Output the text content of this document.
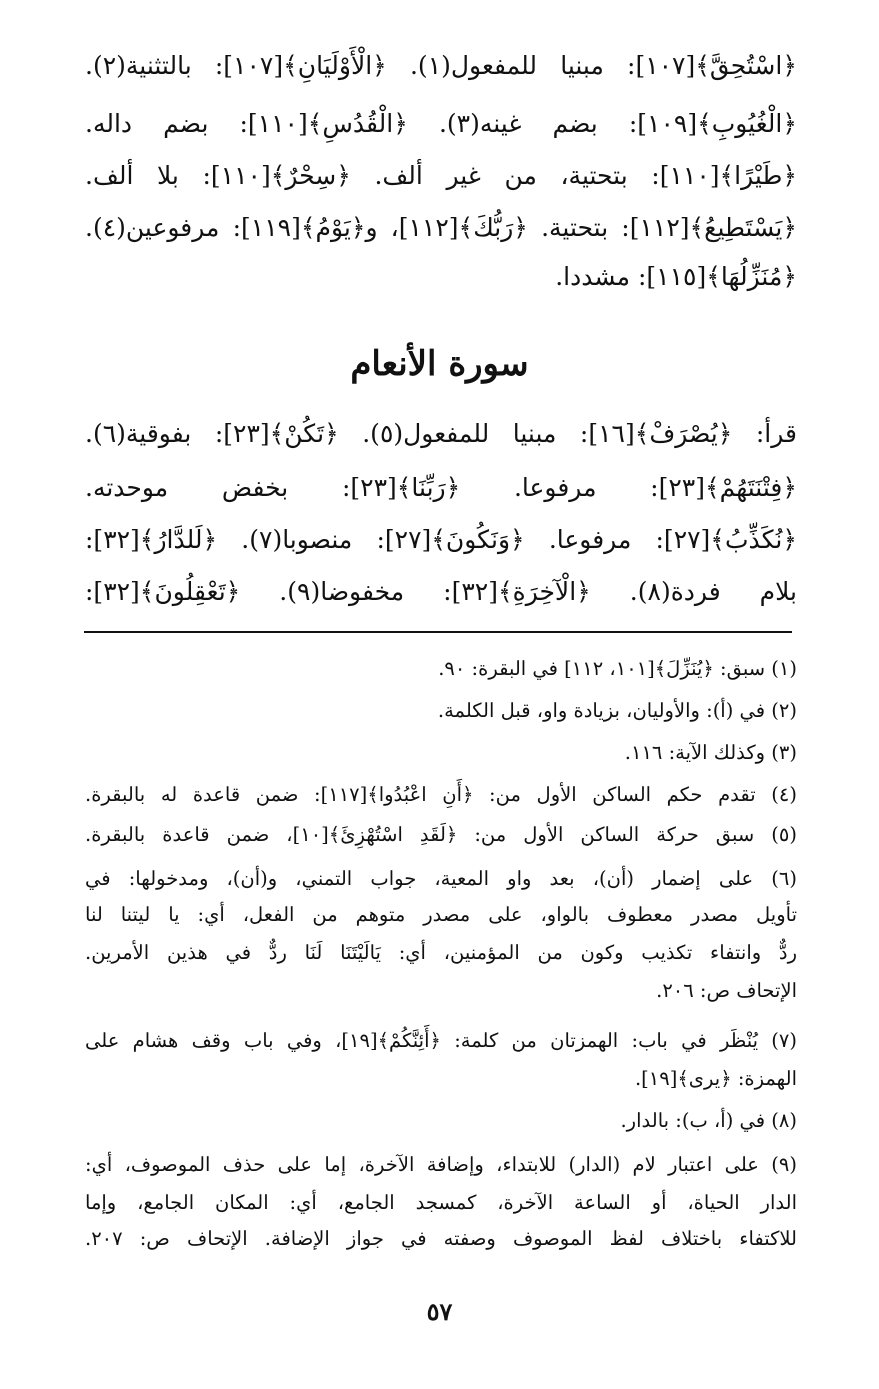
﴿اسْتُحِقَّ﴾[١٠٧]: مبنيا للمفعول(١). ﴿الْأَوْلَيَانِ﴾[١٠٧]: بالتثنية(٢).
﴿الْغُيُوبِ﴾[١٠٩]: بضم غينه(٣). ﴿الْقُدُسِ﴾[١١٠]: بضم داله.
﴿طَيْرًا﴾[١١٠]: بتحتية، من غير ألف. ﴿سِحْرٌ﴾[١١٠]: بلا ألف.
﴿يَسْتَطِيعُ﴾[١١٢]: بتحتية. ﴿رَبُّكَ﴾[١١٢]، و﴿يَوْمُ﴾[١١٩]: مرفوعين(٤).
﴿مُنَزِّلُهَا﴾[١١٥]: مشددا.
سورة الأنعام
قرأ: ﴿يُصْرَفْ﴾[١٦]: مبنيا للمفعول(٥). ﴿تَكُنْ﴾[٢٣]: بفوقية(٦).
﴿فِتْنَتَهُمْ﴾[٢٣]: مرفوعا. ﴿رَبِّنَا﴾[٢٣]: بخفض موحدته.
﴿نُكَذِّبُ﴾[٢٧]: مرفوعا. ﴿وَنَكُونَ﴾[٢٧]: منصوبا(٧). ﴿لَلدَّارُ﴾[٣٢]:
بلام فردة(٨). ﴿الْآخِرَةِ﴾[٣٢]: مخفوضا(٩). ﴿تَعْقِلُونَ﴾[٣٢]:
(١) سبق: ﴿يُنَزِّلَ﴾[١٠١، ١١٢] في البقرة: ٩٠.
(٢) في (أ): والأوليان، بزيادة واو، قبل الكلمة.
(٣) وكذلك الآية: ١١٦.
(٤) تقدم حكم الساكن الأول من: ﴿أَنِ اعْبُدُوا﴾[١١٧]: ضمن قاعدة له بالبقرة.
(٥) سبق حركة الساكن الأول من: ﴿لَقَدِ اسْتُهْزِئَ﴾[١٠]، ضمن قاعدة بالبقرة.
(٦) على إضمار (أن)، بعد واو المعية، جواب التمني، و(أن)، ومدخولها: في
تأويل مصدر معطوف بالواو، على مصدر متوهم من الفعل، أي: يا ليتنا لنا
ردٌّ وانتفاء تكذيب وكون من المؤمنين، أي: يَالَيْتَنَا لَنَا ردٌّ في هذين الأمرين.
الإتحاف ص: ٢٠٦.
(٧) يُنْظَر في باب: الهمزتان من كلمة: ﴿أَئِنَّكُمْ﴾[١٩]، وفي باب وقف هشام على
الهمزة: ﴿يرى﴾[١٩].
(٨) في (أ، ب): بالدار.
(٩) على اعتبار لام (الدار) للابتداء، وإضافة الآخرة، إما على حذف الموصوف، أي:
الدار الحياة، أو الساعة الآخرة، كمسجد الجامع، أي: المكان الجامع، وإما
للاكتفاء باختلاف لفظ الموصوف وصفته في جواز الإضافة. الإتحاف ص: ٢٠٧.
٥٧
